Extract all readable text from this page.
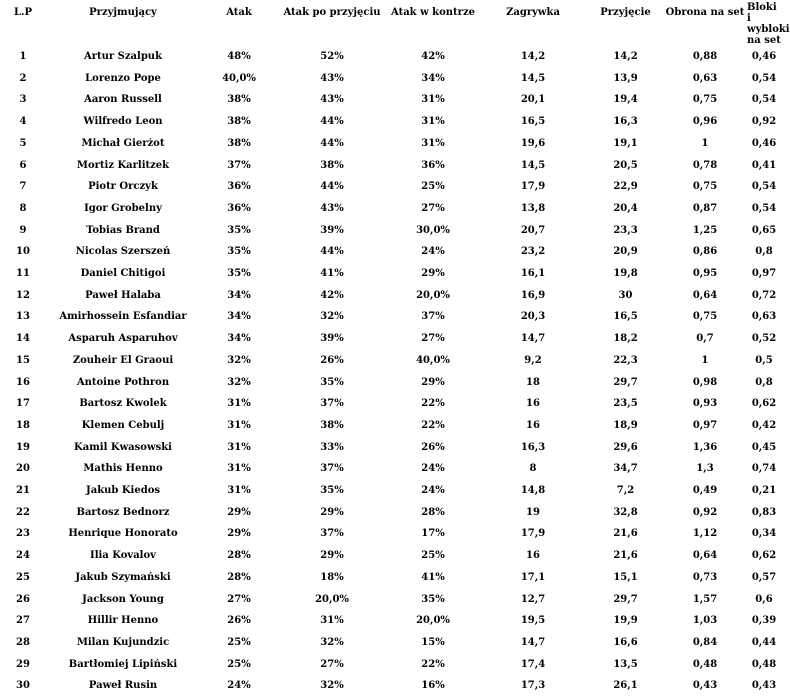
L.P	Przyjmujący	Atak	Atak po przyjęciu	Atak w kontrze	Zagrywka	Przyjęcie	Obrona na set	Bloki i wybloki na set
1	Artur Szalpuk	48%	52%	42%	14,2	14,2	0,88	0,46
2	Lorenzo Pope	40,0%	43%	34%	14,5	13,9	0,63	0,54
3	Aaron Russell	38%	43%	31%	20,1	19,4	0,75	0,54
4	Wilfredo Leon	38%	44%	31%	16,5	16,3	0,96	0,92
5	Michał Gierżot	38%	44%	31%	19,6	19,1	1	0,46
6	Mortiz Karlitzek	37%	38%	36%	14,5	20,5	0,78	0,41
7	Piotr Orczyk	36%	44%	25%	17,9	22,9	0,75	0,54
8	Igor Grobelny	36%	43%	27%	13,8	20,4	0,87	0,54
9	Tobias Brand	35%	39%	30,0%	20,7	23,3	1,25	0,65
10	Nicolas Szerszeń	35%	44%	24%	23,2	20,9	0,86	0,8
11	Daniel Chitigoi	35%	41%	29%	16,1	19,8	0,95	0,97
12	Paweł Halaba	34%	42%	20,0%	16,9	30	0,64	0,72
13	Amirhossein Esfandiar	34%	32%	37%	20,3	16,5	0,75	0,63
14	Asparuh Asparuhov	34%	39%	27%	14,7	18,2	0,7	0,52
15	Zouheir El Graoui	32%	26%	40,0%	9,2	22,3	1	0,5
16	Antoine Pothron	32%	35%	29%	18	29,7	0,98	0,8
17	Bartosz Kwolek	31%	37%	22%	16	23,5	0,93	0,62
18	Klemen Cebulj	31%	38%	22%	16	18,9	0,97	0,42
19	Kamil Kwasowski	31%	33%	26%	16,3	29,6	1,36	0,45
20	Mathis Henno	31%	37%	24%	8	34,7	1,3	0,74
21	Jakub Kiedos	31%	35%	24%	14,8	7,2	0,49	0,21
22	Bartosz Bednorz	29%	29%	28%	19	32,8	0,92	0,83
23	Henrique Honorato	29%	37%	17%	17,9	21,6	1,12	0,34
24	Ilia Kovalov	28%	29%	25%	16	21,6	0,64	0,62
25	Jakub Szymański	28%	18%	41%	17,1	15,1	0,73	0,57
26	Jackson Young	27%	20,0%	35%	12,7	29,7	1,57	0,6
27	Hillir Henno	26%	31%	20,0%	19,5	19,9	1,03	0,39
28	Milan Kujundzic	25%	32%	15%	14,7	16,6	0,84	0,44
29	Bartłomiej Lipiński	25%	27%	22%	17,4	13,5	0,48	0,48
30	Paweł Rusin	24%	32%	16%	17,3	26,1	0,43	0,43
